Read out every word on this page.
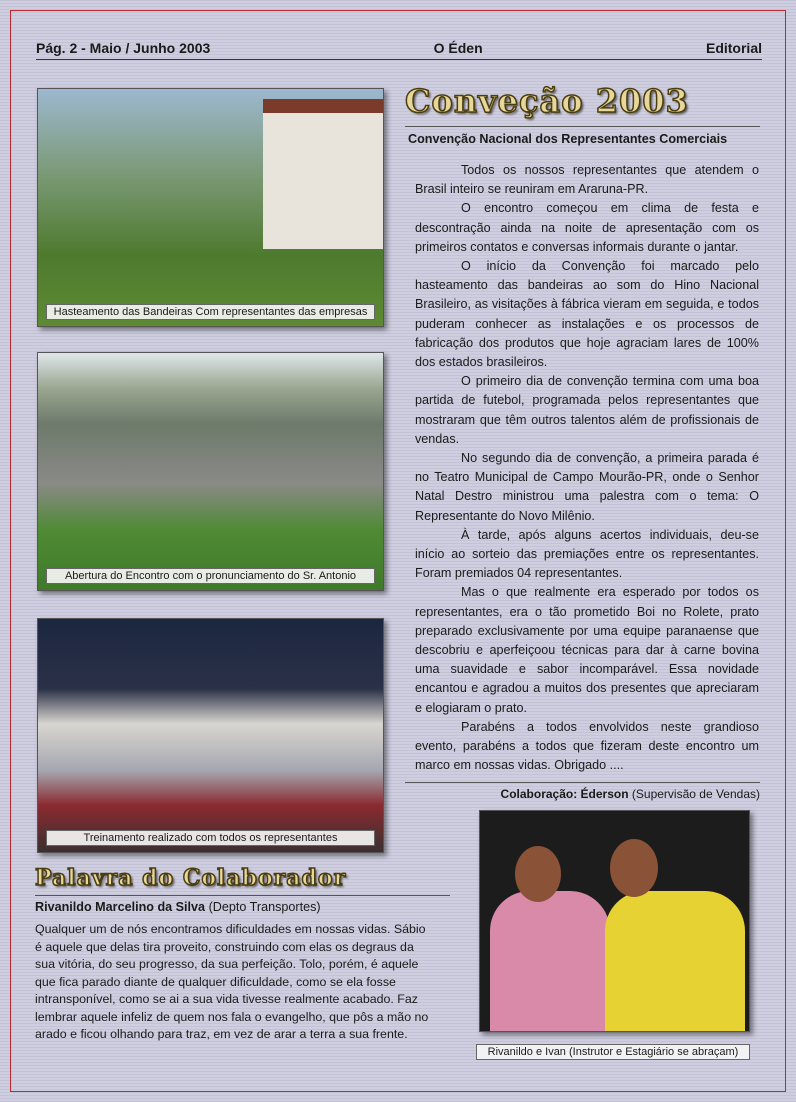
Pág. 2 - Maio / Junho 2003	O Éden	Editorial
Hasteamento das Bandeiras Com representantes das empresas
Abertura do Encontro com o pronunciamento do Sr. Antonio
Treinamento realizado com todos os representantes
Rivanildo e Ivan (Instrutor e Estagiário se abraçam)
Conveção 2003
Convenção Nacional dos Representantes Comerciais

Todos os nossos representantes que atendem o Brasil inteiro se reuniram em Araruna-PR.

O encontro começou em clima de festa e descontração ainda na noite de apresentação com os primeiros contatos e conversas informais durante o jantar.

O início da Convenção foi marcado pelo hasteamento das bandeiras ao som do Hino Nacional Brasileiro, as visitações à fábrica vieram em seguida, e todos puderam conhecer as instalações e os processos de fabricação dos produtos que hoje agraciam lares de 100% dos estados brasileiros.

O primeiro dia de convenção termina com uma boa partida de futebol, programada pelos representantes que mostraram que têm outros talentos além de profissionais de vendas.

No segundo dia de convenção, a primeira parada é no Teatro Municipal de Campo Mourão-PR, onde o Senhor Natal Destro ministrou uma palestra com o tema: O Representante do Novo Milênio.

À tarde, após alguns acertos individuais, deu-se início ao sorteio das premiações entre os representantes. Foram premiados 04 representantes.

Mas o que realmente era esperado por todos os representantes, era o tão prometido Boi no Rolete, prato preparado exclusivamente por uma equipe paranaense que descobriu e aperfeiçoou técnicas para dar à carne bovina uma suavidade e sabor incomparável. Essa novidade encantou e agradou a muitos dos presentes que apreciaram e elogiaram o prato.

Parabéns a todos envolvidos neste grandioso evento, parabéns a todos que fizeram deste encontro um marco em nossas vidas. Obrigado ....

Colaboração: Éderson (Supervisão de Vendas)
Palavra do Colaborador
Rivanildo Marcelino da Silva (Depto Transportes)
Qualquer um de nós encontramos dificuldades em nossas vidas. Sábio é aquele que delas tira proveito, construindo com elas os degraus da sua vitória, do seu progresso, da sua perfeição. Tolo, porém, é aquele que fica parado diante de qualquer dificuldade, como se ela fosse intransponível, como se ai a sua vida tivesse realmente acabado. Faz lembrar aquele infeliz de quem nos fala o evangelho, que pôs a mão no arado e ficou olhando para traz, em vez de arar a terra a sua frente.
